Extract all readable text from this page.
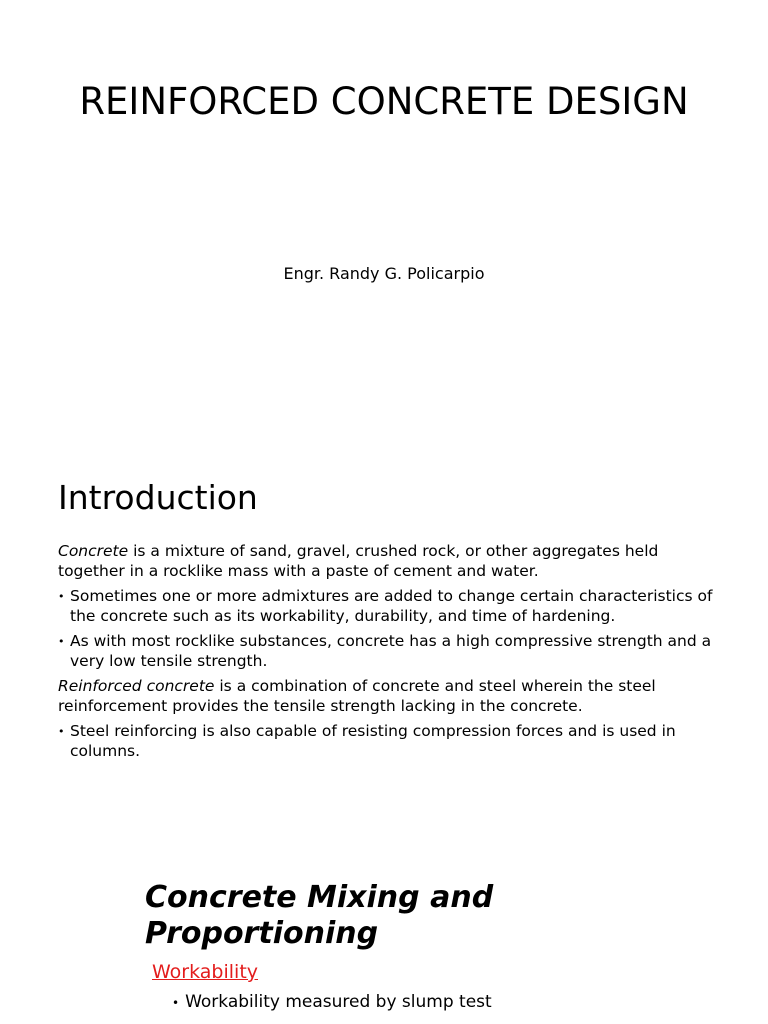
REINFORCED CONCRETE DESIGN

Engr. Randy G. Policarpio

Introduction

Concrete is a mixture of sand, gravel, crushed rock, or other aggregates held together in a rocklike mass with a paste of cement and water.

• Sometimes one or more admixtures are added to change certain characteristics of the concrete such as its workability, durability, and time of hardening.
• As with most rocklike substances, concrete has a high compressive strength and a very low tensile strength.

Reinforced concrete is a combination of concrete and steel wherein the steel reinforcement provides the tensile strength lacking in the concrete.

• Steel reinforcing is also capable of resisting compression forces and is used in columns.
Concrete Mixing and Proportioning
Workability
• Workability measured by slump test
